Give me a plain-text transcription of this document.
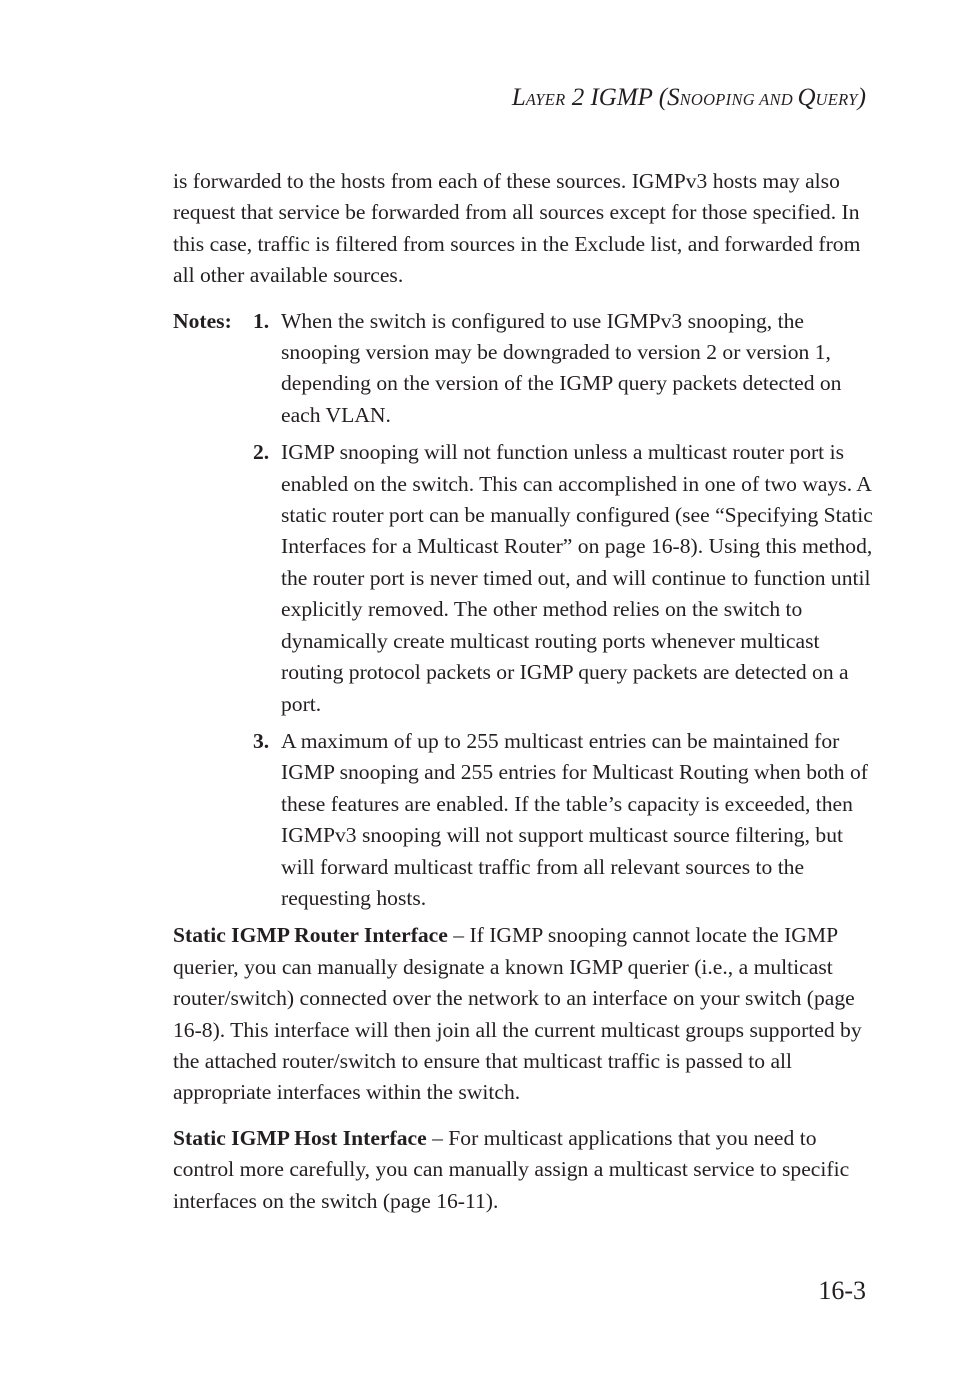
LAYER 2 IGMP (SNOOPING AND QUERY)

is forwarded to the hosts from each of these sources. IGMPv3 hosts may also request that service be forwarded from all sources except for those specified. In this case, traffic is filtered from sources in the Exclude list, and forwarded from all other available sources.

Notes: 1. When the switch is configured to use IGMPv3 snooping, the snooping version may be downgraded to version 2 or version 1, depending on the version of the IGMP query packets detected on each VLAN.
2. IGMP snooping will not function unless a multicast router port is enabled on the switch. This can accomplished in one of two ways. A static router port can be manually configured (see “Specifying Static Interfaces for a Multicast Router” on page 16-8). Using this method, the router port is never timed out, and will continue to function until explicitly removed. The other method relies on the switch to dynamically create multicast routing ports whenever multicast routing protocol packets or IGMP query packets are detected on a port.
3. A maximum of up to 255 multicast entries can be maintained for IGMP snooping and 255 entries for Multicast Routing when both of these features are enabled. If the table’s capacity is exceeded, then IGMPv3 snooping will not support multicast source filtering, but will forward multicast traffic from all relevant sources to the requesting hosts.

Static IGMP Router Interface – If IGMP snooping cannot locate the IGMP querier, you can manually designate a known IGMP querier (i.e., a multicast router/switch) connected over the network to an interface on your switch (page 16-8). This interface will then join all the current multicast groups supported by the attached router/switch to ensure that multicast traffic is passed to all appropriate interfaces within the switch.

Static IGMP Host Interface – For multicast applications that you need to control more carefully, you can manually assign a multicast service to specific interfaces on the switch (page 16-11).

16-3
